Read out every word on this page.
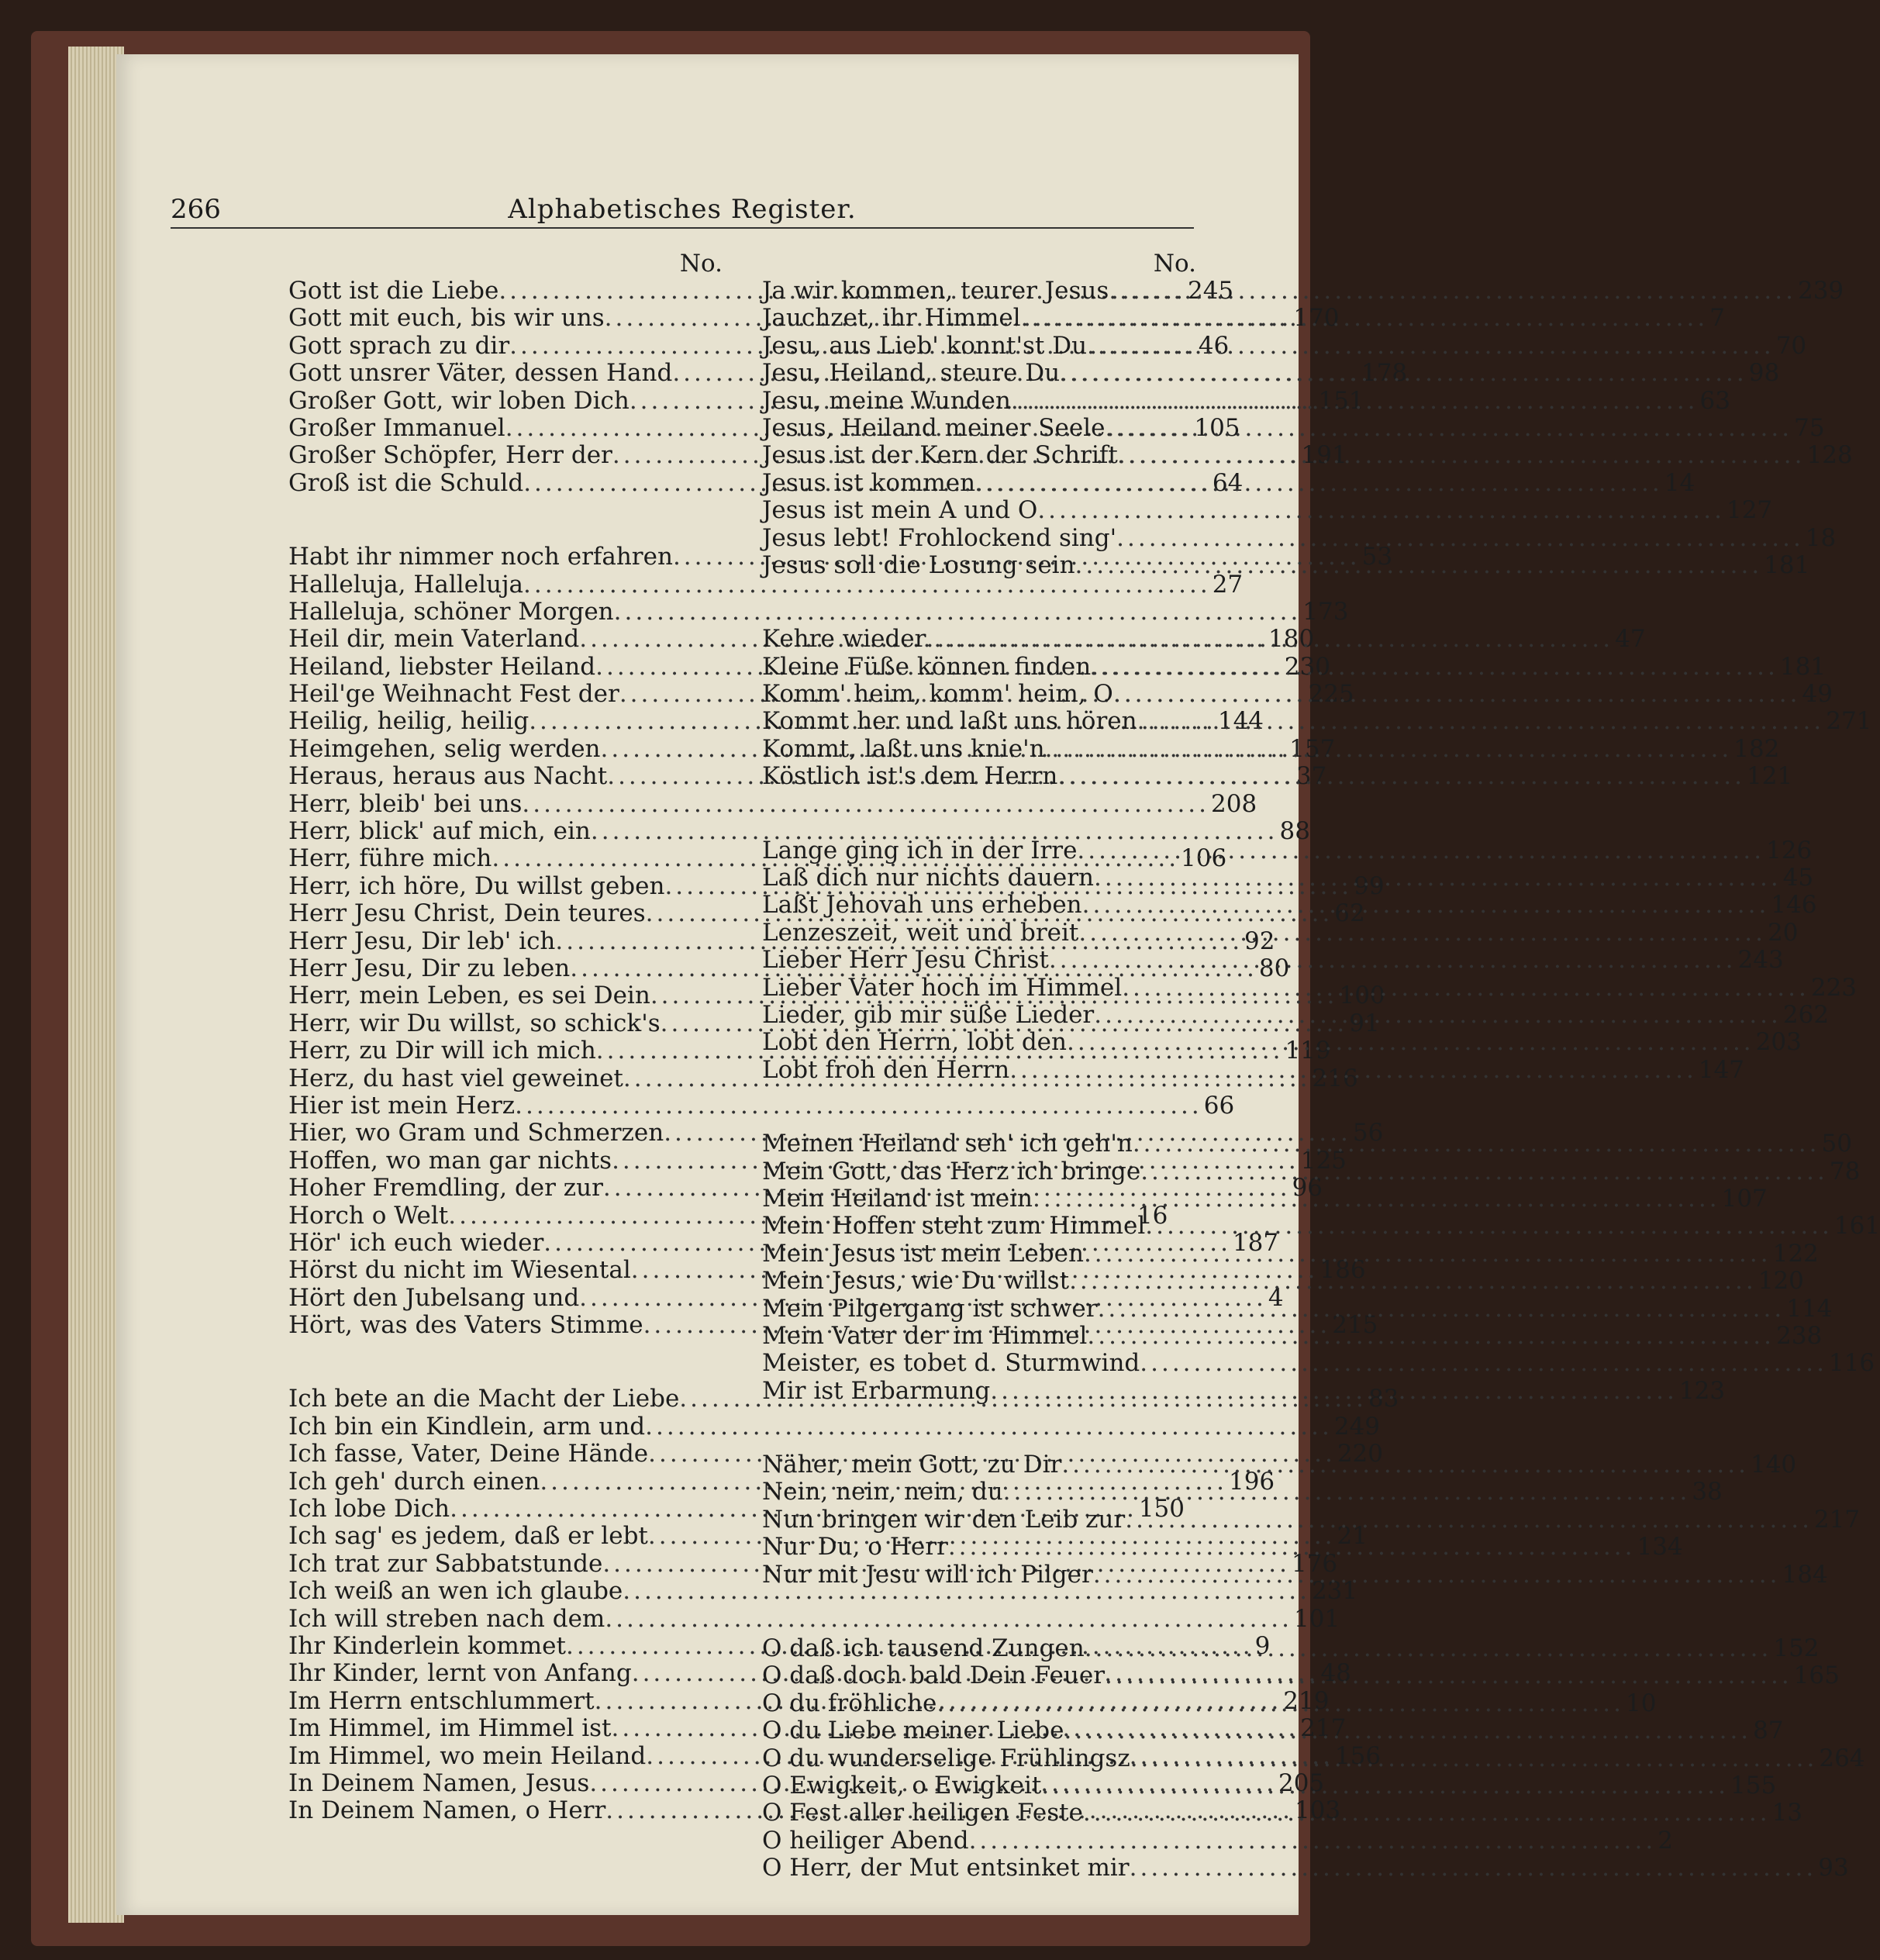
266	Alphabetisches Register.
No.
Gott ist die Liebe .....	245
Gott mit euch, bis wir uns .....	170
Gott sprach zu dir .....	46
Gott unsrer Väter, dessen Hand .....	178
Großer Gott, wir loben Dich .....	151
Großer Immanuel .....	105
Großer Schöpfer, Herr der .....	191
Groß ist die Schuld .....	64
Habt ihr nimmer noch erfahren .....	53
Halleluja, Halleluja .....	27
Halleluja, schöner Morgen .....	173
Heil dir, mein Vaterland .....	180
Heiland, liebster Heiland .....	230
Heil'ge Weihnacht Fest der .....	225
Heilig, heilig, heilig .....	144
Heimgehen, selig werden .....	157
Heraus, heraus aus Nacht .....	37
Herr, bleib' bei uns .....	208
Herr, blick' auf mich, ein .....	88
Herr, führe mich .....	106
Herr, ich höre, Du willst geben .....	99
Herr Jesu Christ, Dein teures .....	62
Herr Jesu, Dir leb' ich .....	92
Herr Jesu, Dir zu leben .....	80
Herr, mein Leben, es sei Dein .....	100
Herr, wir Du willst, so schick's .....	91
Herr, zu Dir will ich mich .....	119
Herz, du hast viel geweinet .....	216
Hier ist mein Herz .....	66
Hier, wo Gram und Schmerzen .....	56
Hoffen, wo man gar nichts .....	125
Hoher Fremdling, der zur .....	96
Horch o Welt .....	16
Hör' ich euch wieder .....	187
Hörst du nicht im Wiesental .....	186
Hört den Jubelsang und .....	4
Hört, was des Vaters Stimme .....	215
Ich bete an die Macht der Liebe .....	83
Ich bin ein Kindlein, arm und .....	249
Ich fasse, Vater, Deine Hände .....	220
Ich geh' durch einen .....	196
Ich lobe Dich .....	150
Ich sag' es jedem, daß er lebt .....	21
Ich trat zur Sabbatstunde .....	176
Ich weiß an wen ich glaube .....	231
Ich will streben nach dem .....	101
Ihr Kinderlein kommet .....	9
Ihr Kinder, lernt von Anfang .....	48
Im Herrn entschlummert .....	219
Im Himmel, im Himmel ist .....	217
Im Himmel, wo mein Heiland .....	156
In Deinem Namen, Jesus .....	205
In Deinem Namen, o Herr .....	103
No.
Ja wir kommen, teurer Jesus .....	239
Jauchzet, ihr Himmel .....	7
Jesu, aus Lieb' konnt'st Du .....	70
Jesu, Heiland, steure Du .....	98
Jesu, meine Wunden .....	63
Jesus, Heiland meiner Seele .....	75
Jesus ist der Kern der Schrift .....	128
Jesus ist kommen .....	14
Jesus ist mein A und O .....	127
Jesus lebt! Frohlockend sing' .....	18
Jesus soll die Losung sein .....	181
Kehre wieder .....	47
Kleine Füße können finden .....	181
Komm' heim, komm' heim, O .....	49
Kommt her und laßt uns hören .....	271
Kommt, laßt uns knie'n .....	182
Köstlich ist's dem Herrn .....	121
Lange ging ich in der Irre .....	126
Laß dich nur nichts dauern .....	45
Laßt Jehovah uns erheben .....	146
Lenzeszeit, weit und breit .....	20
Lieber Herr Jesu Christ .....	243
Lieber Vater hoch im Himmel .....	223
Lieder, gib mir süße Lieder .....	262
Lobt den Herrn, lobt den .....	203
Lobt froh den Herrn .....	147
Meinen Heiland seh' ich geh'n .....	50
Mein Gott, das Herz ich bringe .....	78
Mein Heiland ist mein .....	107
Mein Hoffen steht zum Himmel .....	161
Mein Jesus ist mein Leben .....	122
Mein Jesus, wie Du willst .....	120
Mein Pilgergang ist schwer .....	114
Mein Vater der im Himmel .....	238
Meister, es tobet d. Sturmwind .....	116
Mir ist Erbarmung .....	123
Näher, mein Gott, zu Dir .....	140
Nein, nein, nein, du .....	38
Nun bringen wir den Leib zur .....	217
Nur Du, o Herr .....	134
Nur mit Jesu will ich Pilger .....	184
O daß ich tausend Zungen .....	152
O daß doch bald Dein Feuer .....	165
O du fröhliche .....	10
O du Liebe meiner Liebe .....	87
O du wunderselige Frühlingsz .....	264
O Ewigkeit, o Ewigkeit .....	155
O Fest aller heiligen Feste .....	13
O heiliger Abend .....	2
O Herr, der Mut entsinket mir .....	93
